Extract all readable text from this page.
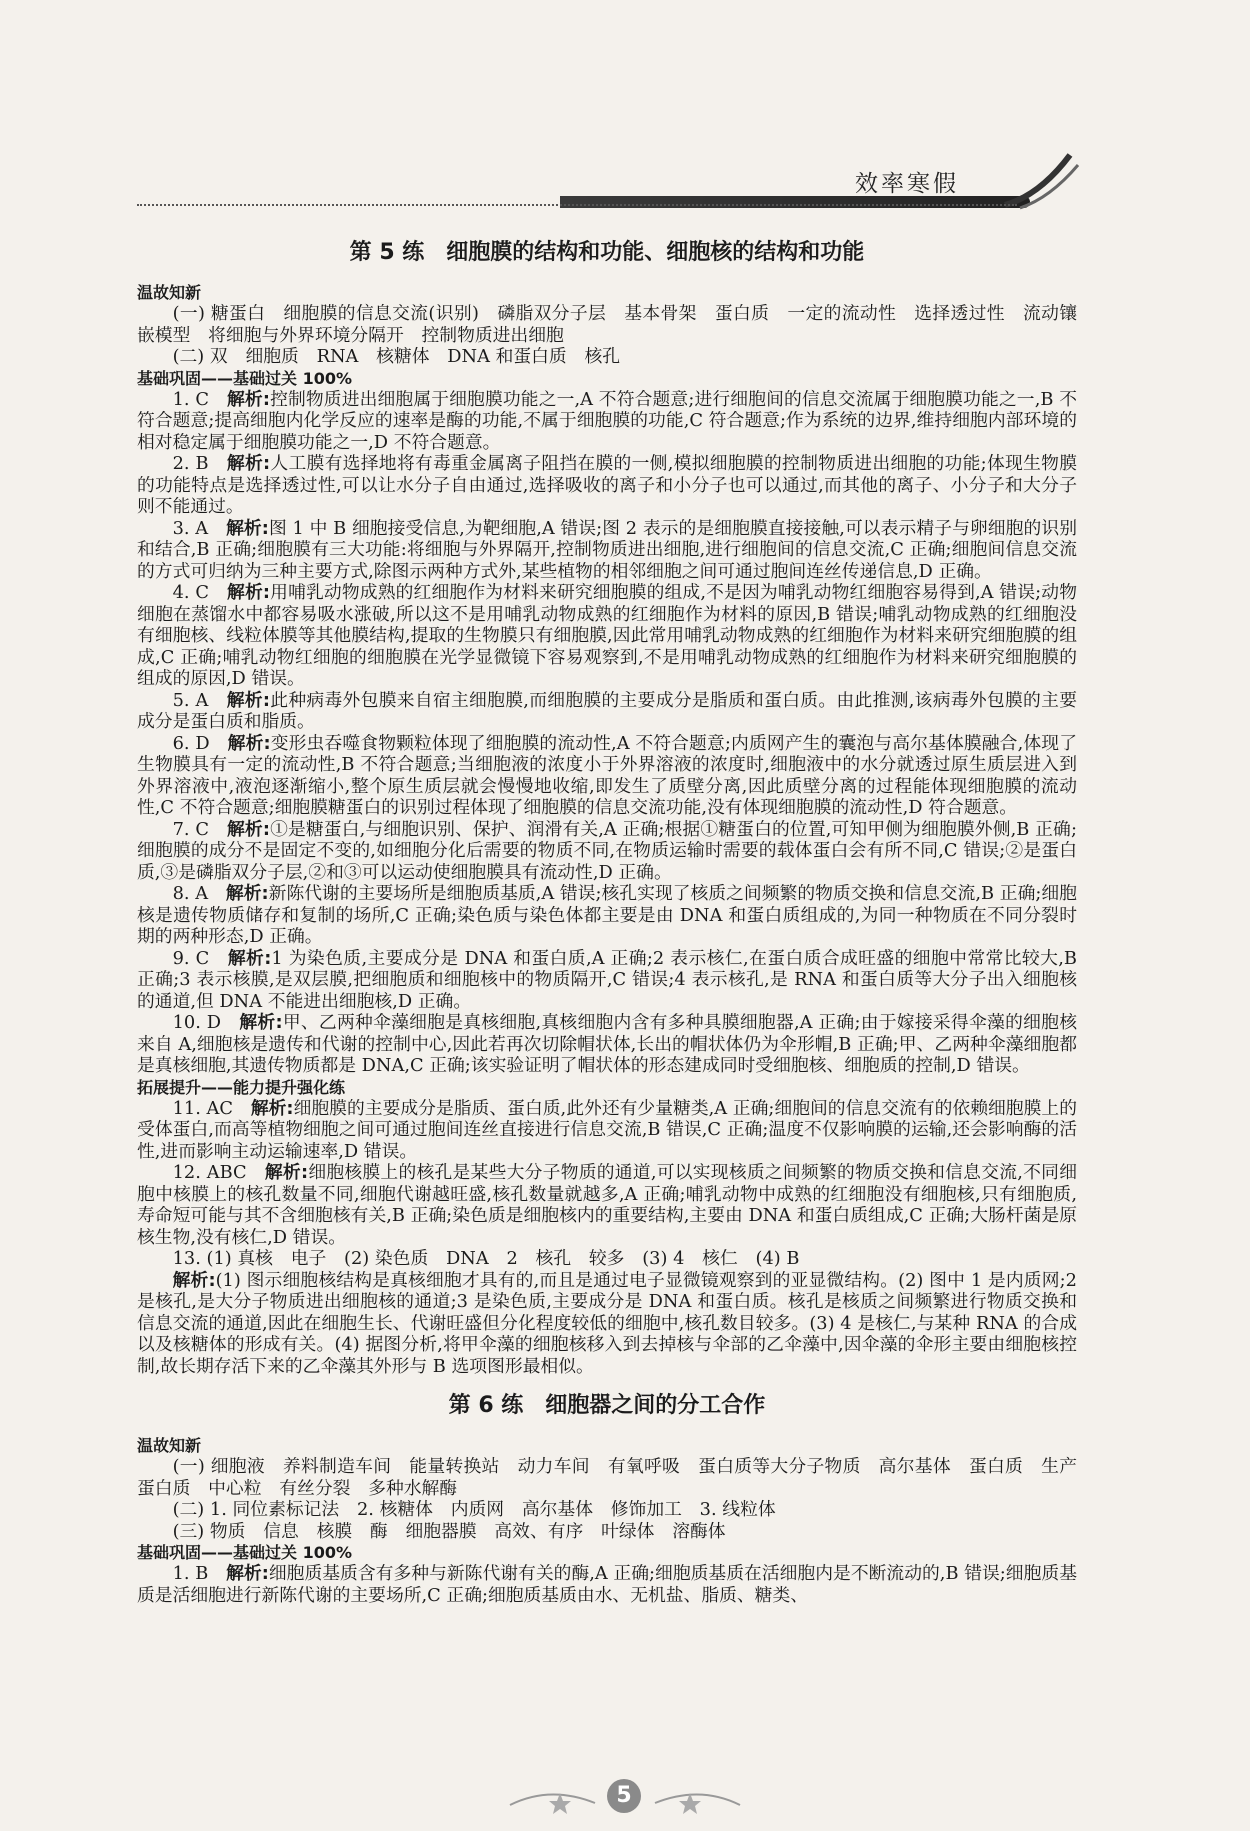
效率寒假
第 5 练　细胞膜的结构和功能、细胞核的结构和功能
温故知新

(一) 糖蛋白　细胞膜的信息交流(识别)　磷脂双分子层　基本骨架　蛋白质　一定的流动性　选择透过性　流动镶嵌模型　将细胞与外界环境分隔开　控制物质进出细胞

(二) 双　细胞质　RNA　核糖体　DNA 和蛋白质　核孔

基础巩固——基础过关 100%

1. C　 解析:控制物质进出细胞属于细胞膜功能之一,A 不符合题意;进行细胞间的信息交流属于细胞膜功能之一,B 不符合题意;提高细胞内化学反应的速率是酶的功能,不属于细胞膜的功能,C 符合题意;作为系统的边界,维持细胞内部环境的相对稳定属于细胞膜功能之一,D 不符合题意。

2. B　 解析:人工膜有选择地将有毒重金属离子阻挡在膜的一侧,模拟细胞膜的控制物质进出细胞的功能;体现生物膜的功能特点是选择透过性,可以让水分子自由通过,选择吸收的离子和小分子也可以通过,而其他的离子、小分子和大分子则不能通过。

3. A　 解析:图 1 中 B 细胞接受信息,为靶细胞,A 错误;图 2 表示的是细胞膜直接接触,可以表示精子与卵细胞的识别和结合,B 正确;细胞膜有三大功能:将细胞与外界隔开,控制物质进出细胞,进行细胞间的信息交流,C 正确;细胞间信息交流的方式可归纳为三种主要方式,除图示两种方式外,某些植物的相邻细胞之间可通过胞间连丝传递信息,D 正确。

4. C　 解析:用哺乳动物成熟的红细胞作为材料来研究细胞膜的组成,不是因为哺乳动物红细胞容易得到,A 错误;动物细胞在蒸馏水中都容易吸水涨破,所以这不是用哺乳动物成熟的红细胞作为材料的原因,B 错误;哺乳动物成熟的红细胞没有细胞核、线粒体膜等其他膜结构,提取的生物膜只有细胞膜,因此常用哺乳动物成熟的红细胞作为材料来研究细胞膜的组成,C 正确;哺乳动物红细胞的细胞膜在光学显微镜下容易观察到,不是用哺乳动物成熟的红细胞作为材料来研究细胞膜的组成的原因,D 错误。

5. A　 解析:此种病毒外包膜来自宿主细胞膜,而细胞膜的主要成分是脂质和蛋白质。由此推测,该病毒外包膜的主要成分是蛋白质和脂质。

6. D　 解析:变形虫吞噬食物颗粒体现了细胞膜的流动性,A 不符合题意;内质网产生的囊泡与高尔基体膜融合,体现了生物膜具有一定的流动性,B 不符合题意;当细胞液的浓度小于外界溶液的浓度时,细胞液中的水分就透过原生质层进入到外界溶液中,液泡逐渐缩小,整个原生质层就会慢慢地收缩,即发生了质壁分离,因此质壁分离的过程能体现细胞膜的流动性,C 不符合题意;细胞膜糖蛋白的识别过程体现了细胞膜的信息交流功能,没有体现细胞膜的流动性,D 符合题意。

7. C　 解析:①是糖蛋白,与细胞识别、保护、润滑有关,A 正确;根据①糖蛋白的位置,可知甲侧为细胞膜外侧,B 正确;细胞膜的成分不是固定不变的,如细胞分化后需要的物质不同,在物质运输时需要的载体蛋白会有所不同,C 错误;②是蛋白质,③是磷脂双分子层,②和③可以运动使细胞膜具有流动性,D 正确。

8. A　 解析:新陈代谢的主要场所是细胞质基质,A 错误;核孔实现了核质之间频繁的物质交换和信息交流,B 正确;细胞核是遗传物质储存和复制的场所,C 正确;染色质与染色体都主要是由 DNA 和蛋白质组成的,为同一种物质在不同分裂时期的两种形态,D 正确。

9. C　 解析:1 为染色质,主要成分是 DNA 和蛋白质,A 正确;2 表示核仁,在蛋白质合成旺盛的细胞中常常比较大,B 正确;3 表示核膜,是双层膜,把细胞质和细胞核中的物质隔开,C 错误;4 表示核孔,是 RNA 和蛋白质等大分子出入细胞核的通道,但 DNA 不能进出细胞核,D 正确。

10. D　 解析:甲、乙两种伞藻细胞是真核细胞,真核细胞内含有多种具膜细胞器,A 正确;由于嫁接采得伞藻的细胞核来自 A,细胞核是遗传和代谢的控制中心,因此若再次切除帽状体,长出的帽状体仍为伞形帽,B 正确;甲、乙两种伞藻细胞都是真核细胞,其遗传物质都是 DNA,C 正确;该实验证明了帽状体的形态建成同时受细胞核、细胞质的控制,D 错误。

拓展提升——能力提升强化练

11. AC　 解析:细胞膜的主要成分是脂质、蛋白质,此外还有少量糖类,A 正确;细胞间的信息交流有的依赖细胞膜上的受体蛋白,而高等植物细胞之间可通过胞间连丝直接进行信息交流,B 错误,C 正确;温度不仅影响膜的运输,还会影响酶的活性,进而影响主动运输速率,D 错误。

12. ABC　 解析:细胞核膜上的核孔是某些大分子物质的通道,可以实现核质之间频繁的物质交换和信息交流,不同细胞中核膜上的核孔数量不同,细胞代谢越旺盛,核孔数量就越多,A 正确;哺乳动物中成熟的红细胞没有细胞核,只有细胞质,寿命短可能与其不含细胞核有关,B 正确;染色质是细胞核内的重要结构,主要由 DNA 和蛋白质组成,C 正确;大肠杆菌是原核生物,没有核仁,D 错误。

13. (1) 真核　电子　(2) 染色质　DNA　2　核孔　较多　(3) 4　核仁　(4) B

解析:(1) 图示细胞核结构是真核细胞才具有的,而且是通过电子显微镜观察到的亚显微结构。(2) 图中 1 是内质网;2 是核孔,是大分子物质进出细胞核的通道;3 是染色质,主要成分是 DNA 和蛋白质。核孔是核质之间频繁进行物质交换和信息交流的通道,因此在细胞生长、代谢旺盛但分化程度较低的细胞中,核孔数目较多。(3) 4 是核仁,与某种 RNA 的合成以及核糖体的形成有关。(4) 据图分析,将甲伞藻的细胞核移入到去掉核与伞部的乙伞藻中,因伞藻的伞形主要由细胞核控制,故长期存活下来的乙伞藻其外形与 B 选项图形最相似。

第 6 练　细胞器之间的分工合作
温故知新

(一) 细胞液　养料制造车间　能量转换站　动力车间　有氧呼吸　蛋白质等大分子物质　高尔基体　蛋白质　生产蛋白质　中心粒　有丝分裂　多种水解酶

(二) 1. 同位素标记法　2. 核糖体　内质网　高尔基体　修饰加工　3. 线粒体

(三) 物质　信息　核膜　酶　细胞器膜　高效、有序　叶绿体　溶酶体

基础巩固——基础过关 100%

1. B　 解析:细胞质基质含有多种与新陈代谢有关的酶,A 正确;细胞质基质在活细胞内是不断流动的,B 错误;细胞质基质是活细胞进行新陈代谢的主要场所,C 正确;细胞质基质由水、无机盐、脂质、糖类、

5
